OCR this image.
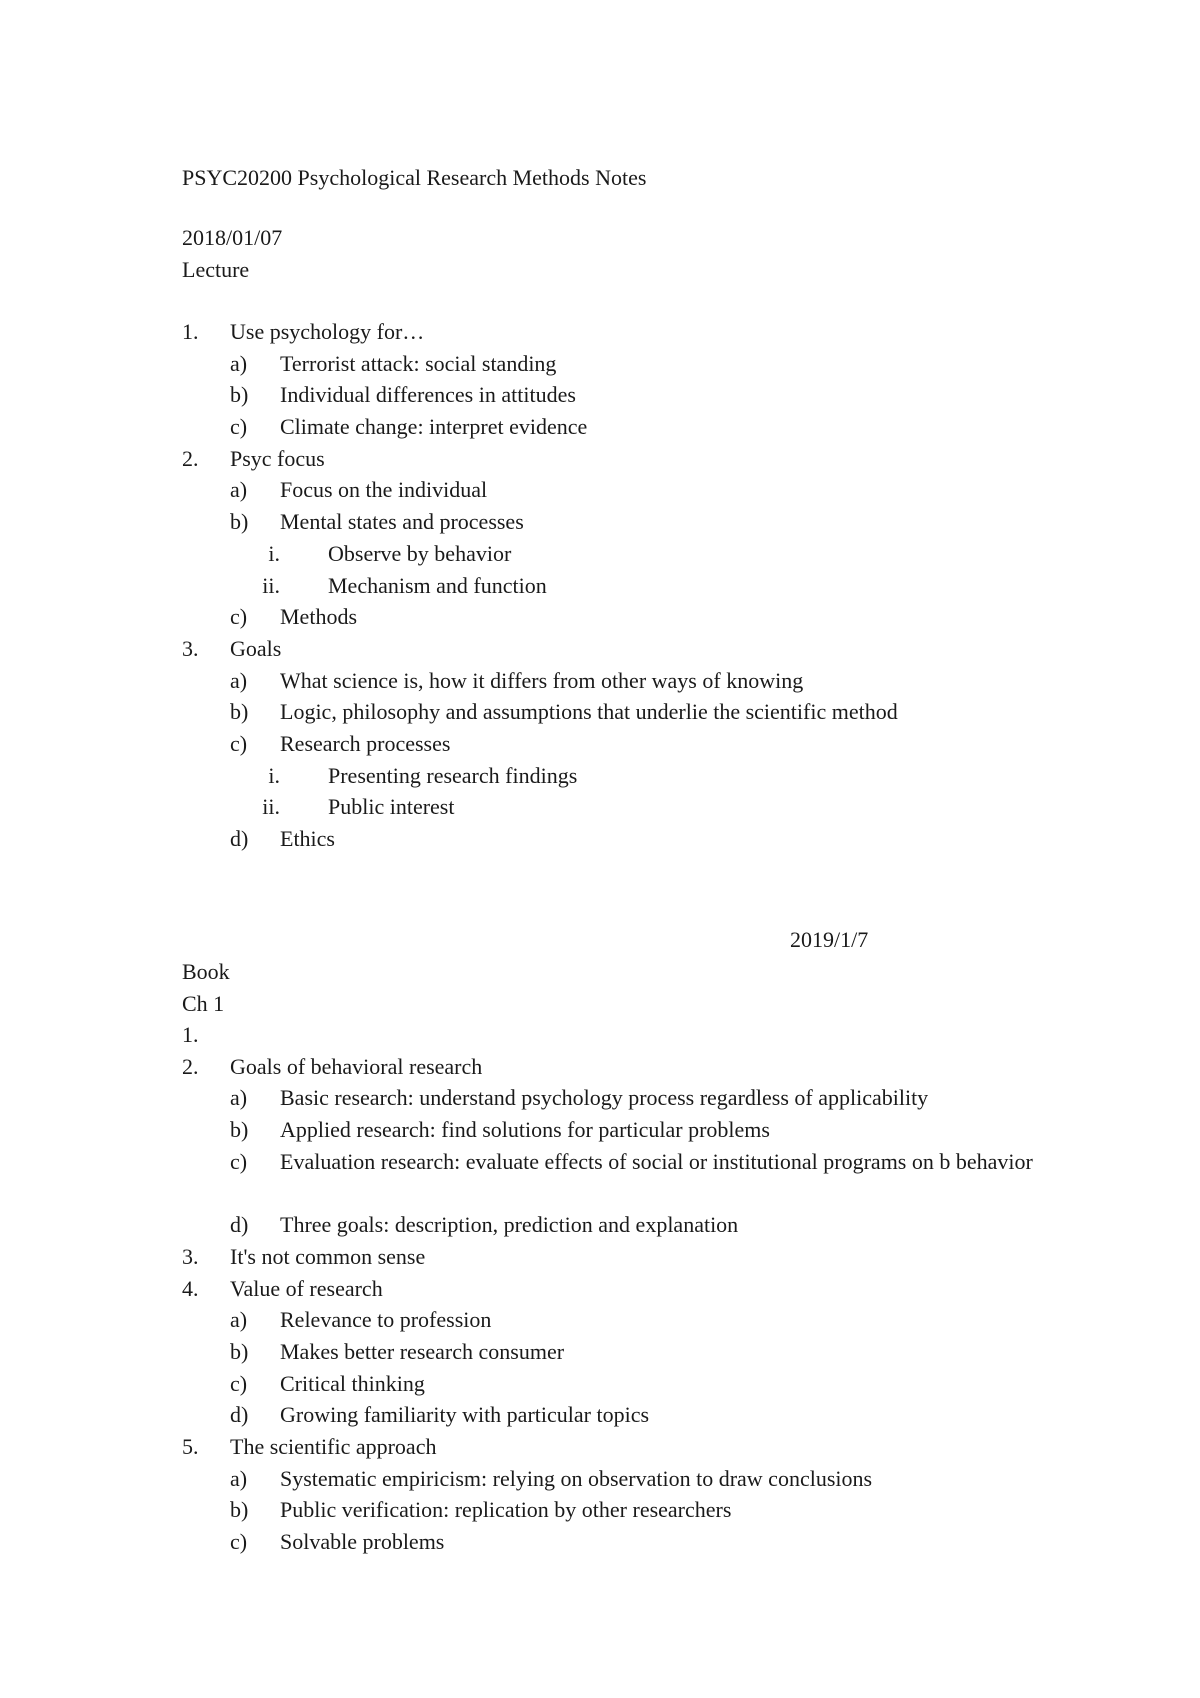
PSYC20200 Psychological Research Methods Notes
2018/01/07
Lecture
1. Use psychology for…
a) Terrorist attack: social standing
b) Individual differences in attitudes
c) Climate change: interpret evidence
2. Psyc focus
a) Focus on the individual
b) Mental states and processes
i. Observe by behavior
ii. Mechanism and function
c) Methods
3. Goals
a) What science is, how it differs from other ways of knowing
b) Logic, philosophy and assumptions that underlie the scientific method
c) Research processes
i. Presenting research findings
ii. Public interest
d) Ethics
2019/1/7
Book
Ch 1
1.
2. Goals of behavioral research
a) Basic research: understand psychology process regardless of applicability
b) Applied research: find solutions for particular problems
c) Evaluation research: evaluate effects of social or institutional programs on b behavior
d) Three goals: description, prediction and explanation
3. It's not common sense
4. Value of research
a) Relevance to profession
b) Makes better research consumer
c) Critical thinking
d) Growing familiarity with particular topics
5. The scientific approach
a) Systematic empiricism: relying on observation to draw conclusions
b) Public verification: replication by other researchers
c) Solvable problems
